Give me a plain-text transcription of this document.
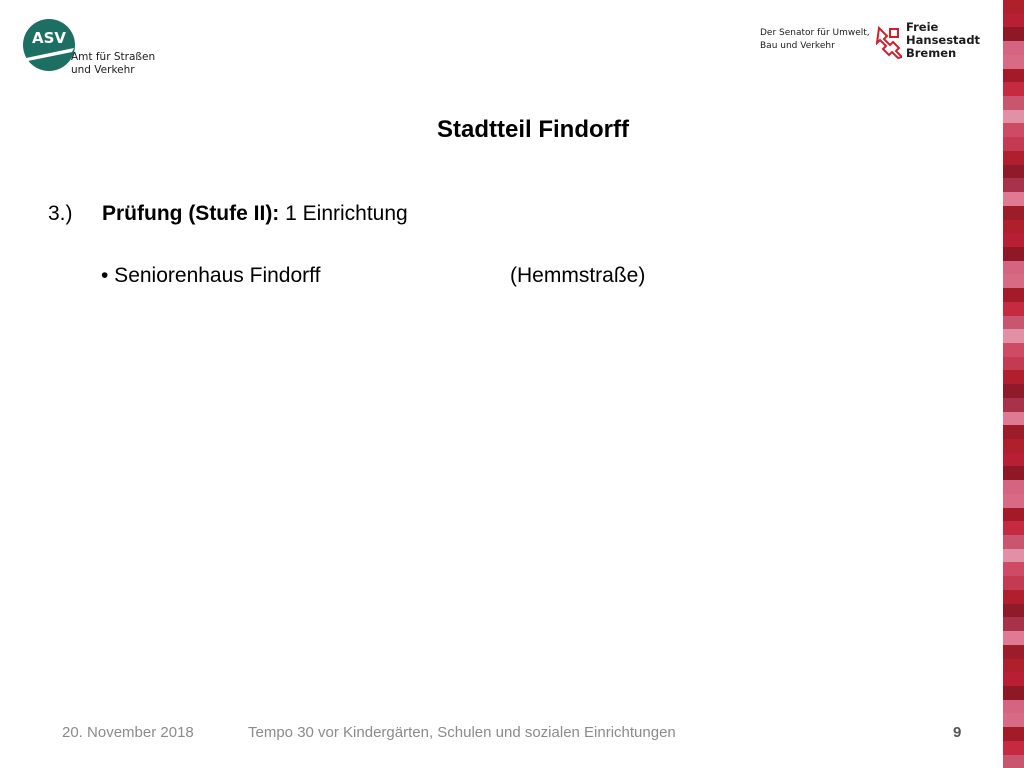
ASV
Amt für Straßen
und Verkehr
Der Senator für Umwelt,
Bau und Verkehr
Freie
Hansestadt
Bremen
Stadtteil Findorff
3.) Prüfung (Stufe II): 1 Einrichtung
• Seniorenhaus Findorff	(Hemmstraße)
20. November 2018	Tempo 30 vor Kindergärten, Schulen und sozialen Einrichtungen	9
